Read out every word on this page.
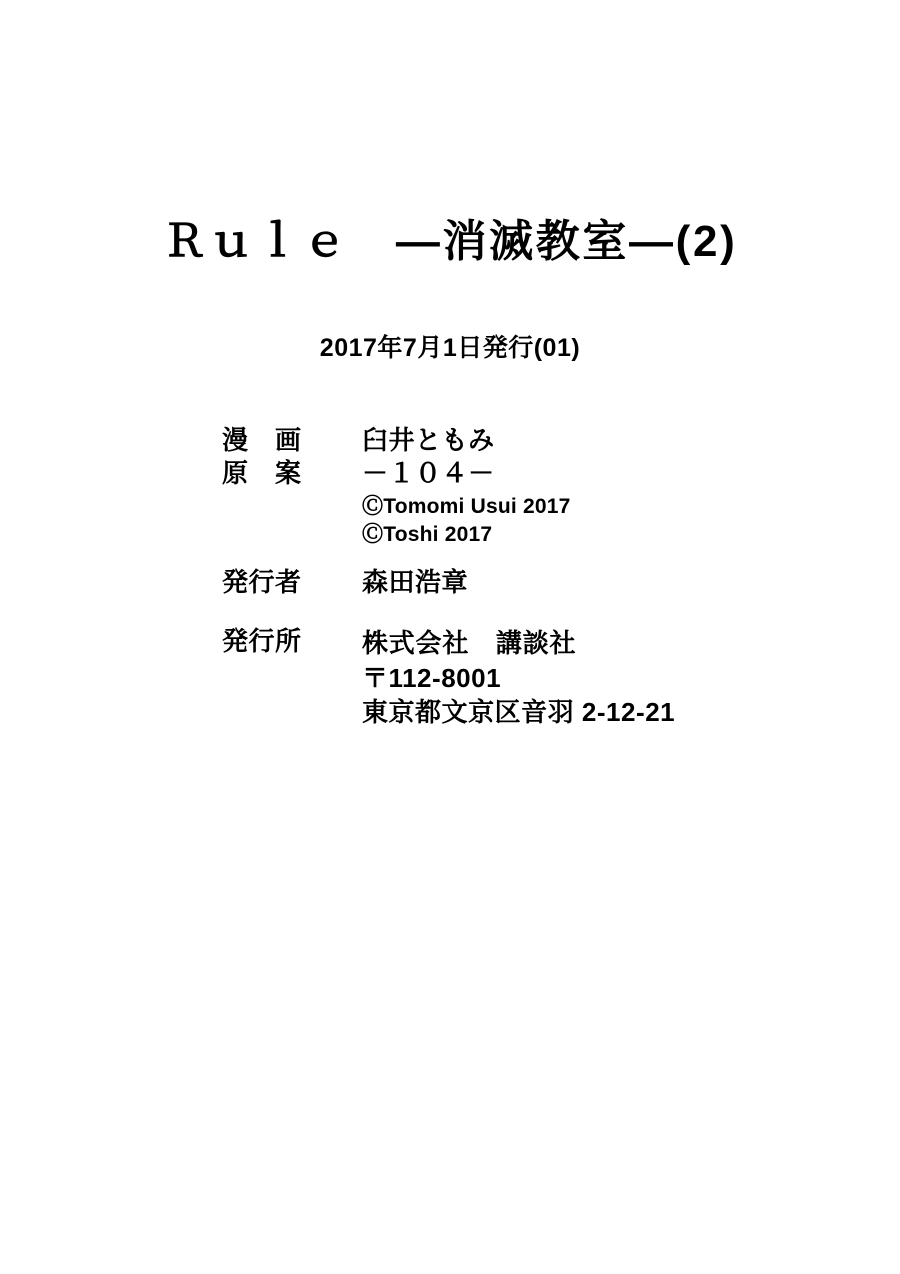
Ｒｕｌｅ　―消滅教室―(2)
2017年7月1日発行(01)
漫　画	臼井ともみ
原　案	－１０４－
ⒸTomomi Usui 2017
ⒸToshi 2017
発行者	森田浩章
発行所	株式会社　講談社
〒112-8001
東京都文京区音羽 2-12-21
